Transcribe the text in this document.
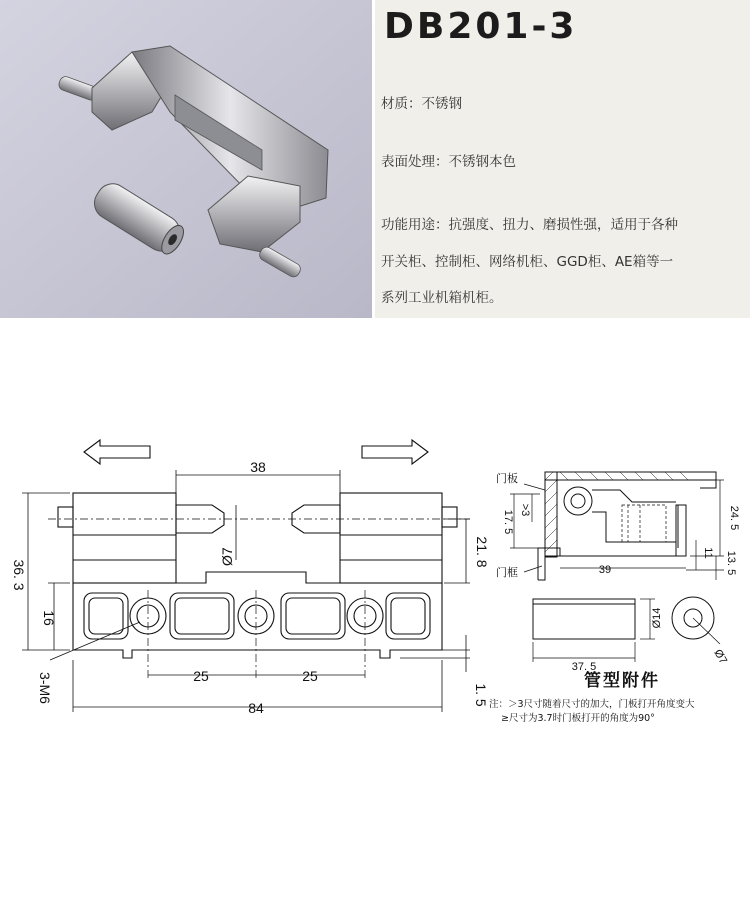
DB201-3
材质：不锈钢
表面处理：不锈钢本色
功能用途：抗强度、扭力、磨损性强，适用于各种
开关柜、控制柜、网络机柜、GGD柜、AE箱等一
系列工业机箱机柜。
38
Ø7
36. 3
16
21. 8
25	25
84
1. 5
3-M6
门板
门框
17. 5 >3	24. 5
11 13. 5
39
Ø14
Ø7
37. 5
管型附件
注：＞3尺寸随着尺寸的加大，门板打开角度变大
≥尺寸为3.7时门板打开的角度为90°
